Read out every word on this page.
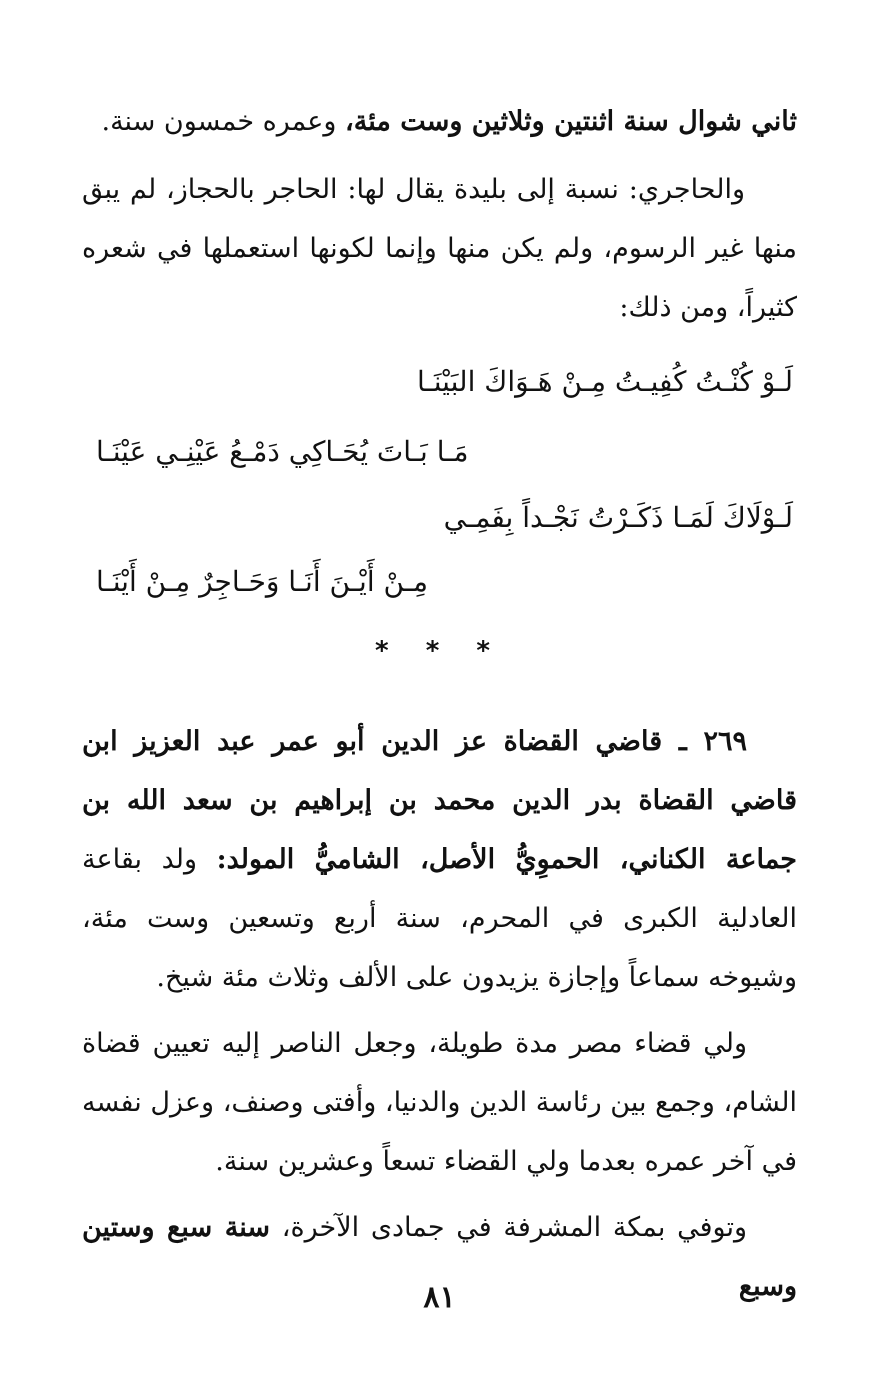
ثاني شوال سنة اثنتين وثلاثين وست مئة، وعمره خمسون سنة.

والحاجري: نسبة إلى بليدة يقال لها: الحاجر بالحجاز، لم يبق منها غير الرسوم، ولم يكن منها وإنما لكونها استعملها في شعره كثيراً، ومن ذلك:

لَـوْ كُنْـتُ كُفِيـتُ مِـنْ هَـوَاكَ البَيْنَـا
مَـا بَـاتَ يُحَـاكِي دَمْـعُ عَيْنِـي عَيْنَـا
لَـوْلَاكَ لَمَـا ذَكَـرْتُ نَجْـداً بِفَمِـي
مِـنْ أَيْـنَ أَنَـا وَحَـاجِرٌ مِـنْ أَيْنَـا
* * *

٢٦٩ ـ قاضي القضاة عز الدين أبو عمر عبد العزيز ابن قاضي القضاة بدر الدين محمد بن إبراهيم بن سعد الله بن جماعة الكناني، الحموِيُّ الأصل، الشاميُّ المولد: ولد بقاعة العادلية الكبرى في المحرم، سنة أربع وتسعين وست مئة، وشيوخه سماعاً وإجازة يزيدون على الألف وثلاث مئة شيخ.

ولي قضاء مصر مدة طويلة، وجعل الناصر إليه تعيين قضاة الشام، وجمع بين رئاسة الدين والدنيا، وأفتى وصنف، وعزل نفسه في آخر عمره بعدما ولي القضاء تسعاً وعشرين سنة.

وتوفي بمكة المشرفة في جمادى الآخرة، سنة سبع وستين وسبع

٨١
